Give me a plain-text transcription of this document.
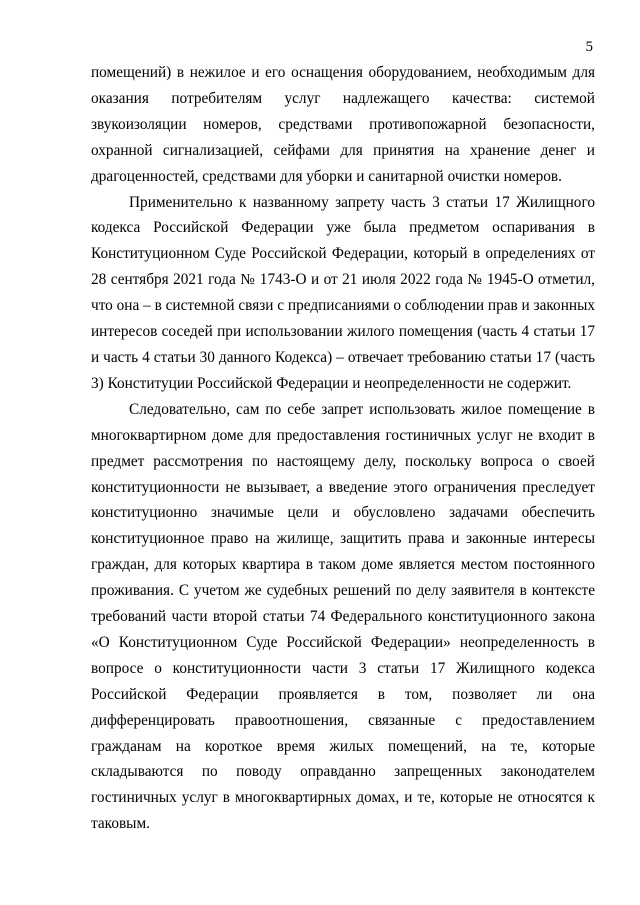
5

помещений) в нежилое и его оснащения оборудованием, необходимым для оказания потребителям услуг надлежащего качества: системой звукоизоляции номеров, средствами противопожарной безопасности, охранной сигнализацией, сейфами для принятия на хранение денег и драгоценностей, средствами для уборки и санитарной очистки номеров.

Применительно к названному запрету часть 3 статьи 17 Жилищного кодекса Российской Федерации уже была предметом оспаривания в Конституционном Суде Российской Федерации, который в определениях от 28 сентября 2021 года № 1743-О и от 21 июля 2022 года № 1945-О отметил, что она – в системной связи с предписаниями о соблюдении прав и законных интересов соседей при использовании жилого помещения (часть 4 статьи 17 и часть 4 статьи 30 данного Кодекса) – отвечает требованию статьи 17 (часть 3) Конституции Российской Федерации и неопределенности не содержит.

Следовательно, сам по себе запрет использовать жилое помещение в многоквартирном доме для предоставления гостиничных услуг не входит в предмет рассмотрения по настоящему делу, поскольку вопроса о своей конституционности не вызывает, а введение этого ограничения преследует конституционно значимые цели и обусловлено задачами обеспечить конституционное право на жилище, защитить права и законные интересы граждан, для которых квартира в таком доме является местом постоянного проживания. С учетом же судебных решений по делу заявителя в контексте требований части второй статьи 74 Федерального конституционного закона «О Конституционном Суде Российской Федерации» неопределенность в вопросе о конституционности части 3 статьи 17 Жилищного кодекса Российской Федерации проявляется в том, позволяет ли она дифференцировать правоотношения, связанные с предоставлением гражданам на короткое время жилых помещений, на те, которые складываются по поводу оправданно запрещенных законодателем гостиничных услуг в многоквартирных домах, и те, которые не относятся к таковым.
